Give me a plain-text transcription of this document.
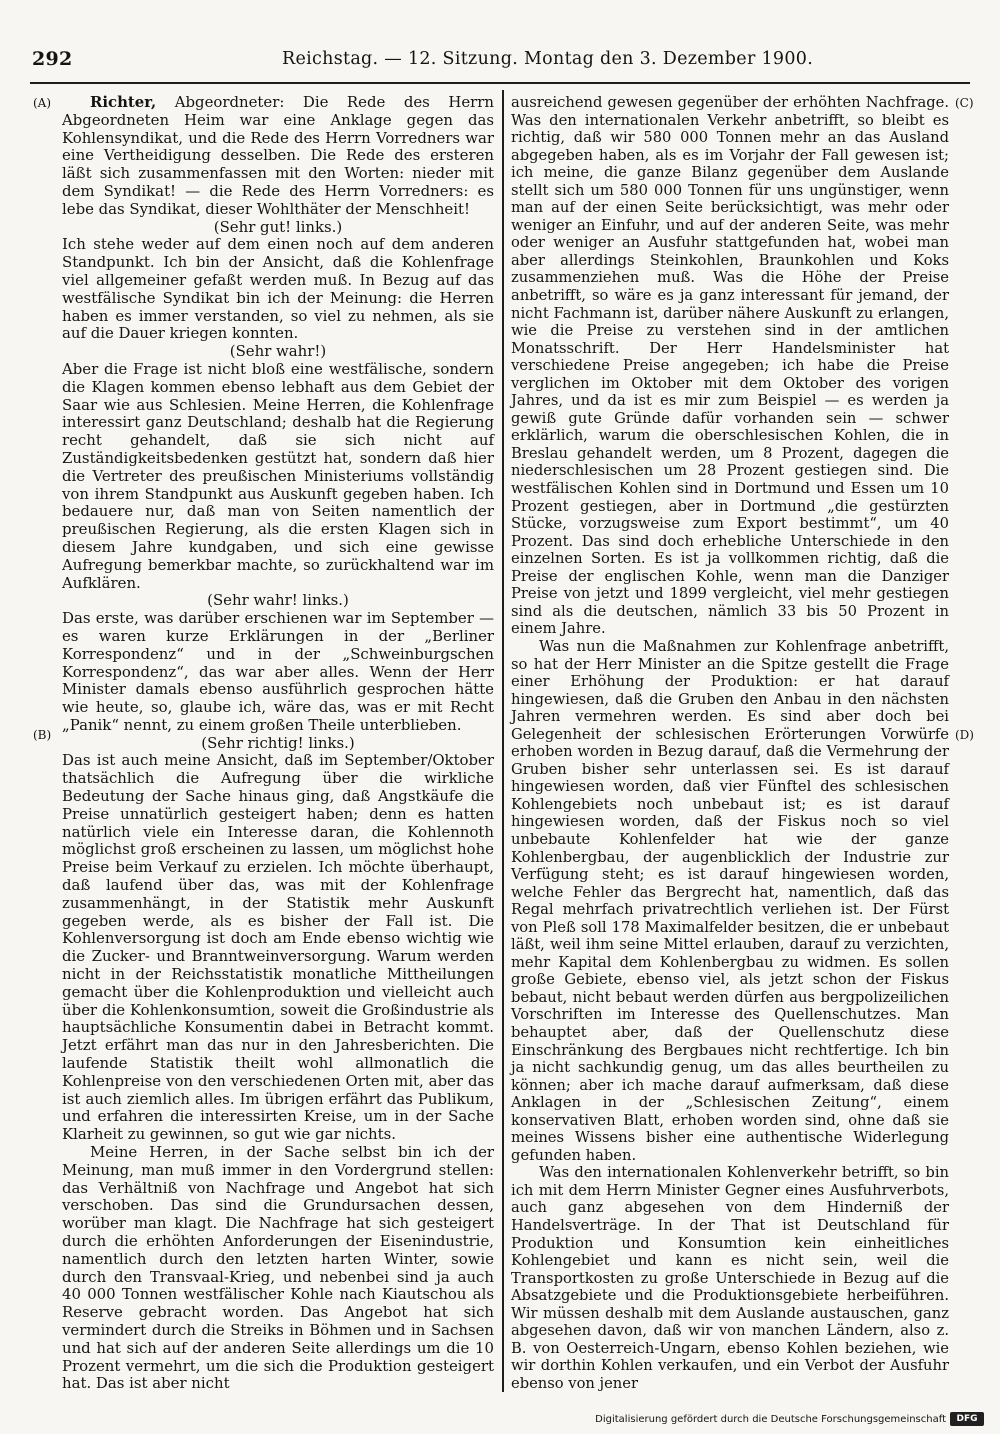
292	Reichstag. — 12. Sitzung. Montag den 3. Dezember 1900.
(A)
(B)
(C)
(D)

Richter, Abgeordneter: Die Rede des Herrn Abgeordneten Heim war eine Anklage gegen das Kohlensyndikat, und die Rede des Herrn Vorredners war eine Vertheidigung desselben. Die Rede des ersteren läßt sich zusammenfassen mit den Worten: nieder mit dem Syndikat! — die Rede des Herrn Vorredners: es lebe das Syndikat, dieser Wohlthäter der Menschheit!

(Sehr gut! links.)

Ich stehe weder auf dem einen noch auf dem anderen Standpunkt. Ich bin der Ansicht, daß die Kohlenfrage viel allgemeiner gefaßt werden muß. In Bezug auf das westfälische Syndikat bin ich der Meinung: die Herren haben es immer verstanden, so viel zu nehmen, als sie auf die Dauer kriegen konnten.

(Sehr wahr!)

Aber die Frage ist nicht bloß eine westfälische, sondern die Klagen kommen ebenso lebhaft aus dem Gebiet der Saar wie aus Schlesien. Meine Herren, die Kohlenfrage interessirt ganz Deutschland; deshalb hat die Regierung recht gehandelt, daß sie sich nicht auf Zuständigkeitsbedenken gestützt hat, sondern daß hier die Vertreter des preußischen Ministeriums vollständig von ihrem Standpunkt aus Auskunft gegeben haben. Ich bedauere nur, daß man von Seiten namentlich der preußischen Regierung, als die ersten Klagen sich in diesem Jahre kundgaben, und sich eine gewisse Aufregung bemerkbar machte, so zurückhaltend war im Aufklären.

(Sehr wahr! links.)

Das erste, was darüber erschienen war im September — es waren kurze Erklärungen in der „Berliner Korrespondenz“ und in der „Schweinburgschen Korrespondenz“, das war aber alles. Wenn der Herr Minister damals ebenso ausführlich gesprochen hätte wie heute, so, glaube ich, wäre das, was er mit Recht „Panik“ nennt, zu einem großen Theile unterblieben.

(Sehr richtig! links.)

Das ist auch meine Ansicht, daß im September/Oktober thatsächlich die Aufregung über die wirkliche Bedeutung der Sache hinaus ging, daß Angstkäufe die Preise unnatürlich gesteigert haben; denn es hatten natürlich viele ein Interesse daran, die Kohlennoth möglichst groß erscheinen zu lassen, um möglichst hohe Preise beim Verkauf zu erzielen. Ich möchte überhaupt, daß laufend über das, was mit der Kohlenfrage zusammenhängt, in der Statistik mehr Auskunft gegeben werde, als es bisher der Fall ist. Die Kohlenversorgung ist doch am Ende ebenso wichtig wie die Zucker- und Branntweinversorgung. Warum werden nicht in der Reichsstatistik monatliche Mittheilungen gemacht über die Kohlenproduktion und vielleicht auch über die Kohlenkonsumtion, soweit die Großindustrie als hauptsächliche Konsumentin dabei in Betracht kommt. Jetzt erfährt man das nur in den Jahresberichten. Die laufende Statistik theilt wohl allmonatlich die Kohlenpreise von den verschiedenen Orten mit, aber das ist auch ziemlich alles. Im übrigen erfährt das Publikum, und erfahren die interessirten Kreise, um in der Sache Klarheit zu gewinnen, so gut wie gar nichts.

Meine Herren, in der Sache selbst bin ich der Meinung, man muß immer in den Vordergrund stellen: das Verhältniß von Nachfrage und Angebot hat sich verschoben. Das sind die Grundursachen dessen, worüber man klagt. Die Nachfrage hat sich gesteigert durch die erhöhten Anforderungen der Eisenindustrie, namentlich durch den letzten harten Winter, sowie durch den Transvaal-Krieg, und nebenbei sind ja auch 40 000 Tonnen westfälischer Kohle nach Kiautschou als Reserve gebracht worden. Das Angebot hat sich vermindert durch die Streiks in Böhmen und in Sachsen und hat sich auf der anderen Seite allerdings um die 10 Prozent vermehrt, um die sich die Produktion gesteigert hat. Das ist aber nicht

ausreichend gewesen gegenüber der erhöhten Nachfrage. Was den internationalen Verkehr anbetrifft, so bleibt es richtig, daß wir 580 000 Tonnen mehr an das Ausland abgegeben haben, als es im Vorjahr der Fall gewesen ist; ich meine, die ganze Bilanz gegenüber dem Auslande stellt sich um 580 000 Tonnen für uns ungünstiger, wenn man auf der einen Seite berücksichtigt, was mehr oder weniger an Einfuhr, und auf der anderen Seite, was mehr oder weniger an Ausfuhr stattgefunden hat, wobei man aber allerdings Steinkohlen, Braunkohlen und Koks zusammenziehen muß. Was die Höhe der Preise anbetrifft, so wäre es ja ganz interessant für jemand, der nicht Fachmann ist, darüber nähere Auskunft zu erlangen, wie die Preise zu verstehen sind in der amtlichen Monatsschrift. Der Herr Handelsminister hat verschiedene Preise angegeben; ich habe die Preise verglichen im Oktober mit dem Oktober des vorigen Jahres, und da ist es mir zum Beispiel — es werden ja gewiß gute Gründe dafür vorhanden sein — schwer erklärlich, warum die oberschlesischen Kohlen, die in Breslau gehandelt werden, um 8 Prozent, dagegen die niederschlesischen um 28 Prozent gestiegen sind. Die westfälischen Kohlen sind in Dortmund und Essen um 10 Prozent gestiegen, aber in Dortmund „die gestürzten Stücke, vorzugsweise zum Export bestimmt“, um 40 Prozent. Das sind doch erhebliche Unterschiede in den einzelnen Sorten. Es ist ja vollkommen richtig, daß die Preise der englischen Kohle, wenn man die Danziger Preise von jetzt und 1899 vergleicht, viel mehr gestiegen sind als die deutschen, nämlich 33 bis 50 Prozent in einem Jahre.

Was nun die Maßnahmen zur Kohlenfrage anbetrifft, so hat der Herr Minister an die Spitze gestellt die Frage einer Erhöhung der Produktion: er hat darauf hingewiesen, daß die Gruben den Anbau in den nächsten Jahren vermehren werden. Es sind aber doch bei Gelegenheit der schlesischen Erörterungen Vorwürfe erhoben worden in Bezug darauf, daß die Vermehrung der Gruben bisher sehr unterlassen sei. Es ist darauf hingewiesen worden, daß vier Fünftel des schlesischen Kohlengebiets noch unbebaut ist; es ist darauf hingewiesen worden, daß der Fiskus noch so viel unbebaute Kohlenfelder hat wie der ganze Kohlenbergbau, der augenblicklich der Industrie zur Verfügung steht; es ist darauf hingewiesen worden, welche Fehler das Bergrecht hat, namentlich, daß das Regal mehrfach privatrechtlich verliehen ist. Der Fürst von Pleß soll 178 Maximalfelder besitzen, die er unbebaut läßt, weil ihm seine Mittel erlauben, darauf zu verzichten, mehr Kapital dem Kohlenbergbau zu widmen. Es sollen große Gebiete, ebenso viel, als jetzt schon der Fiskus bebaut, nicht bebaut werden dürfen aus bergpolizeilichen Vorschriften im Interesse des Quellenschutzes. Man behauptet aber, daß der Quellenschutz diese Einschränkung des Bergbaues nicht rechtfertige. Ich bin ja nicht sachkundig genug, um das alles beurtheilen zu können; aber ich mache darauf aufmerksam, daß diese Anklagen in der „Schlesischen Zeitung“, einem konservativen Blatt, erhoben worden sind, ohne daß sie meines Wissens bisher eine authentische Widerlegung gefunden haben.

Was den internationalen Kohlenverkehr betrifft, so bin ich mit dem Herrn Minister Gegner eines Ausfuhrverbots, auch ganz abgesehen von dem Hinderniß der Handelsverträge. In der That ist Deutschland für Produktion und Konsumtion kein einheitliches Kohlengebiet und kann es nicht sein, weil die Transportkosten zu große Unterschiede in Bezug auf die Absatzgebiete und die Produktionsgebiete herbeiführen. Wir müssen deshalb mit dem Auslande austauschen, ganz abgesehen davon, daß wir von manchen Ländern, also z. B. von Oesterreich-Ungarn, ebenso Kohlen beziehen, wie wir dorthin Kohlen verkaufen, und ein Verbot der Ausfuhr ebenso von jener

Digitalisierung gefördert durch die Deutsche Forschungsgemeinschaft	DFG
